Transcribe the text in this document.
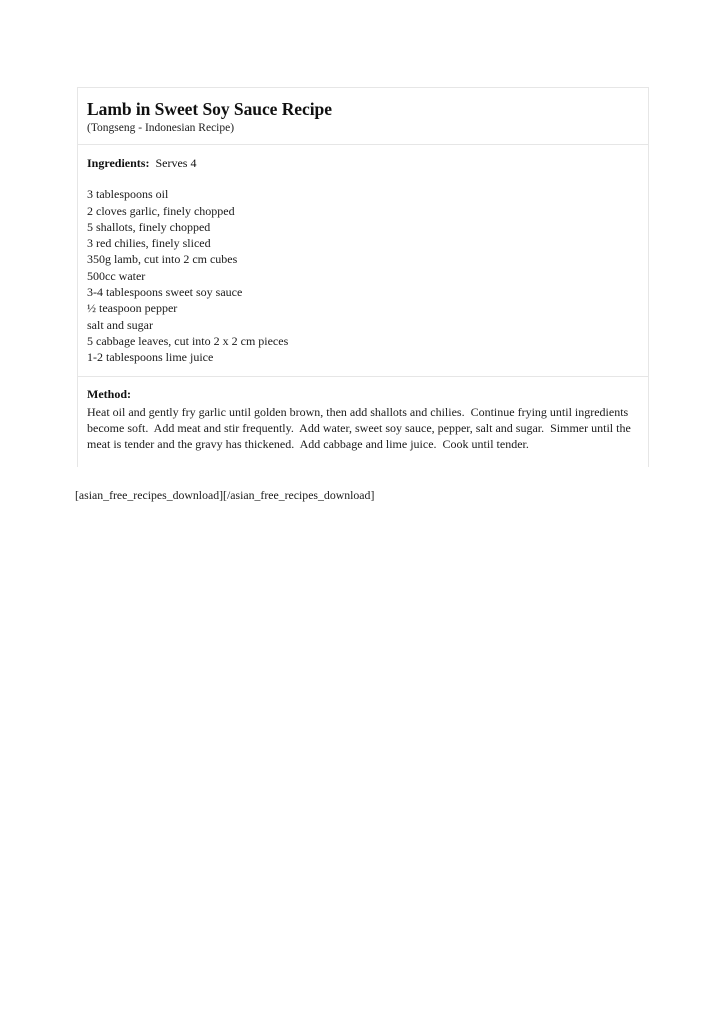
Lamb in Sweet Soy Sauce Recipe
(Tongseng - Indonesian Recipe)
Ingredients:  Serves 4
3 tablespoons oil
2 cloves garlic, finely chopped
5 shallots, finely chopped
3 red chilies, finely sliced
350g lamb, cut into 2 cm cubes
500cc water
3-4 tablespoons sweet soy sauce
½ teaspoon pepper
salt and sugar
5 cabbage leaves, cut into 2 x 2 cm pieces
1-2 tablespoons lime juice
Method:

Heat oil and gently fry garlic until golden brown, then add shallots and chilies.  Continue frying until ingredients become soft.  Add meat and stir frequently.  Add water, sweet soy sauce, pepper, salt and sugar.  Simmer until the meat is tender and the gravy has thickened.  Add cabbage and lime juice.  Cook until tender.

[asian_free_recipes_download][/asian_free_recipes_download]
